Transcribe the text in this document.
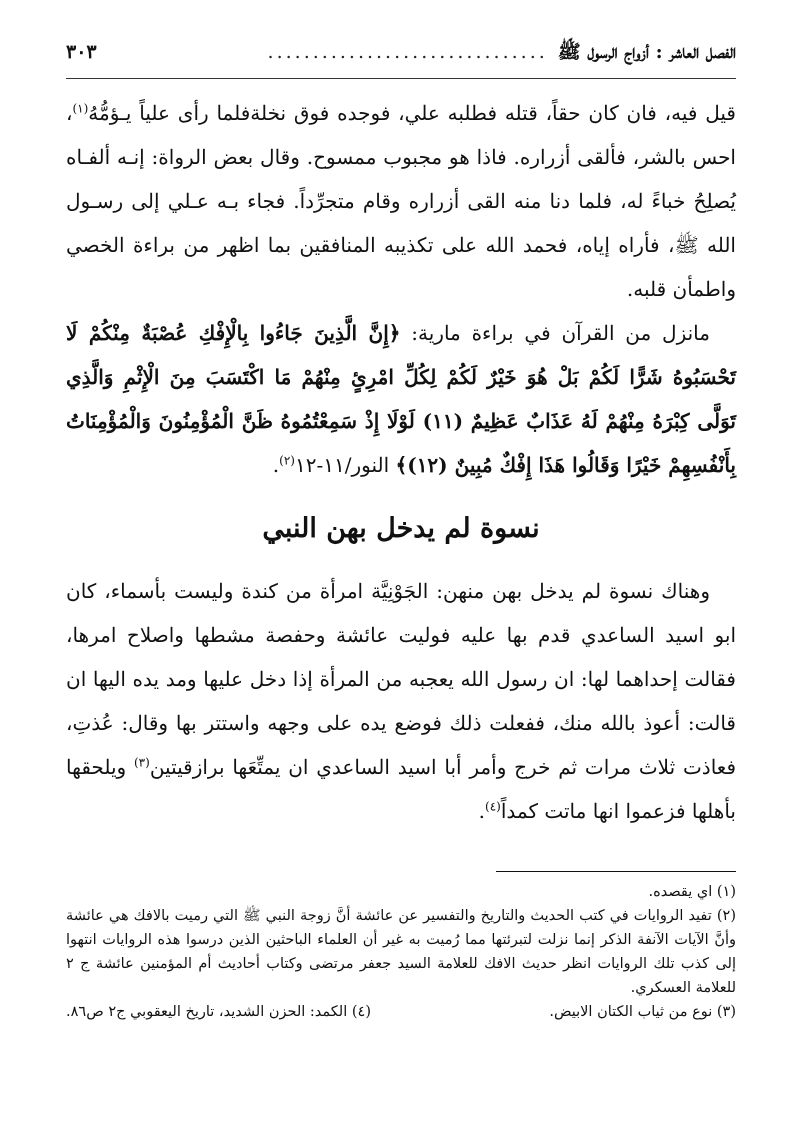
الفصل العاشر : أزواج الرسول ﷺ
...............................
٣٠٣

قيل فيه، فان كان حقاً، قتله فطلبه علي، فوجده فوق نخلةفلما رأى علياً يـؤمُّهُ$^{(١)}$، احس بالشر، فألقى أزراره. فاذا هو مجبوب ممسوح. وقال بعض الرواة: إنـه ألفـاه يُصلِحُ خباءً له، فلما دنا منه القى أزراره وقام متجرِّداً. فجاء بـه عـلي إلى رسـول الله ﷺ، فأراه إياه، فحمد الله على تكذيبه المنافقين بما اظهر من براءة الخصي واطمأن قلبه.

مانزل من القرآن في براءة مارية: ﴿إِنَّ الَّذِينَ جَاءُوا بِالْإِفْكِ عُصْبَةٌ مِنْكُمْ لَا تَحْسَبُوهُ شَرًّا لَكُمْ بَلْ هُوَ خَيْرٌ لَكُمْ لِكُلِّ امْرِئٍ مِنْهُمْ مَا اكْتَسَبَ مِنَ الْإِثْمِ وَالَّذِي تَوَلَّى كِبْرَهُ مِنْهُمْ لَهُ عَذَابٌ عَظِيمٌ (١١) لَوْلَا إِذْ سَمِعْتُمُوهُ ظَنَّ الْمُؤْمِنُونَ وَالْمُؤْمِنَاتُ بِأَنْفُسِهِمْ خَيْرًا وَقَالُوا هَذَا إِفْكٌ مُبِينٌ (١٢)﴾ النور/١١-١٢$^{(٢)}$.

نسوة لم يدخل بهن النبي

وهناك نسوة لم يدخل بهن منهن: الجَوْنِيَّة امرأة من كندة وليست بأسماء، كان ابو اسيد الساعدي قدم بها عليه فوليت عائشة وحفصة مشطها واصلاح امرها، فقالت إحداهما لها: ان رسول الله يعجبه من المرأة إذا دخل عليها ومد يده اليها ان قالت: أعوذ بالله منك، ففعلت ذلك فوضع يده على وجهه واستتر بها وقال: عُذتِ، فعاذت ثلاث مرات ثم خرج وأمر أبا اسيد الساعدي ان يمتِّعَها برازقيتين$^{(٣)}$ ويلحقها بأهلها فزعموا انها ماتت كمداً$^{(٤)}$.

(١) اي يقصده.

(٢) تفيد الروايات في كتب الحديث والتاريخ والتفسير عن عائشة أنَّ زوجة النبي ﷺ التي رميت بالافك هي عائشة وأنَّ الآيات الآنفة الذكر إنما نزلت لتبرئتها مما رُميت به غير أن العلماء الباحثين الذين درسوا هذه الروايات انتهوا إلى كذب تلك الروايات انظر حديث الافك للعلامة السيد جعفر مرتضى وكتاب أحاديث أم المؤمنين عائشة ج ٢ للعلامة العسكري.

(٣) نوع من ثياب الكتان الابيض.
(٤) الكمد: الحزن الشديد، تاريخ اليعقوبي ج٢ ص٨٦.
